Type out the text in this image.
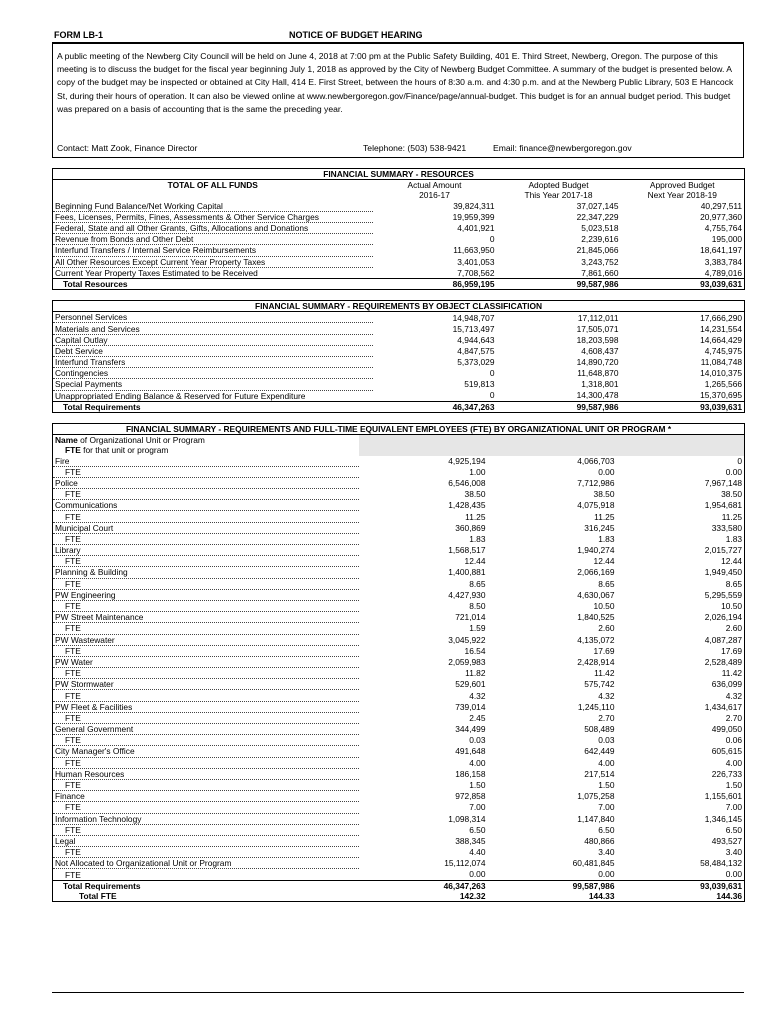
FORM LB-1	NOTICE OF BUDGET HEARING
A public meeting of the Newberg City Council will be held on June 4, 2018 at 7:00 pm at the Public Safety Building, 401 E. Third Street, Newberg, Oregon. The purpose of this meeting is to discuss the budget for the fiscal year beginning July 1, 2018 as approved by the City of Newberg Budget Committee. A summary of the budget is presented below. A copy of the budget may be inspected or obtained at City Hall, 414 E. First Street, between the hours of 8:30 a.m. and 4:30 p.m. and at the Newberg Public Library, 503 E Hancock St, during their hours of operation. It can also be viewed online at www.newbergoregon.gov/Finance/page/annual-budget. This budget is for an annual budget period. This budget was prepared on a basis of accounting that is the same the preceding year.
Contact: Matt Zook, Finance Director	Telephone: (503) 538-9421	Email: finance@newbergoregon.gov
FINANCIAL SUMMARY - RESOURCES			
TOTAL OF ALL FUNDS	Actual Amount	Adopted Budget	Approved Budget
	2016-17	This Year 2017-18	Next Year 2018-19
Beginning Fund Balance/Net Working Capital	39,824,311	37,027,145	40,297,511
Fees, Licenses, Permits, Fines, Assessments & Other Service Charges	19,959,399	22,347,229	20,977,360
Federal, State and all Other Grants, Gifts, Allocations and Donations	4,401,921	5,023,518	4,755,764
Revenue from Bonds and Other Debt	0	2,239,616	195,000
Interfund Transfers / Internal Service Reimbursements	11,663,950	21,845,066	18,641,197
All Other Resources Except Current Year Property Taxes	3,401,053	3,243,752	3,383,784
Current Year Property Taxes Estimated to be Received	7,708,562	7,861,660	4,789,016
Total Resources	86,959,195	99,587,986	93,039,631
FINANCIAL SUMMARY - REQUIREMENTS BY OBJECT CLASSIFICATION			
Personnel Services	14,948,707	17,112,011	17,666,290
Materials and Services	15,713,497	17,505,071	14,231,554
Capital Outlay	4,944,643	18,203,598	14,664,429
Debt Service	4,847,575	4,608,437	4,745,975
Interfund Transfers	5,373,029	14,890,720	11,084,748
Contingencies	0	11,648,870	14,010,375
Special Payments	519,813	1,318,801	1,265,566
Unappropriated Ending Balance & Reserved for Future Expenditure	0	14,300,478	15,370,695
Total Requirements	46,347,263	99,587,986	93,039,631
FINANCIAL SUMMARY - REQUIREMENTS AND FULL-TIME EQUIVALENT EMPLOYEES (FTE) BY ORGANIZATIONAL UNIT OR PROGRAM *			
Name of Organizational Unit or Program			
FTE for that unit or program			
Fire	4,925,194	4,066,703	0
FTE	1.00	0.00	0.00
Police	6,546,008	7,712,986	7,967,148
FTE	38.50	38.50	38.50
Communications	1,428,435	4,075,918	1,954,681
FTE	11.25	11.25	11.25
Municipal Court	360,869	316,245	333,580
FTE	1.83	1.83	1.83
Library	1,568,517	1,940,274	2,015,727
FTE	12.44	12.44	12.44
Planning & Building	1,400,881	2,066,169	1,949,450
FTE	8.65	8.65	8.65
PW Engineering	4,427,930	4,630,067	5,295,559
FTE	8.50	10.50	10.50
PW Street Maintenance	721,014	1,840,525	2,026,194
FTE	1.59	2.60	2.60
PW Wastewater	3,045,922	4,135,072	4,087,287
FTE	16.54	17.69	17.69
PW Water	2,059,983	2,428,914	2,528,489
FTE	11.82	11.42	11.42
PW Stormwater	529,601	575,742	636,099
FTE	4.32	4.32	4.32
PW Fleet & Facilities	739,014	1,245,110	1,434,617
FTE	2.45	2.70	2.70
General Government	344,499	508,489	499,050
FTE	0.03	0.03	0.06
City Manager's Office	491,648	642,449	605,615
FTE	4.00	4.00	4.00
Human Resources	186,158	217,514	226,733
FTE	1.50	1.50	1.50
Finance	972,858	1,075,258	1,155,601
FTE	7.00	7.00	7.00
Information Technology	1,098,314	1,147,840	1,346,145
FTE	6.50	6.50	6.50
Legal	388,345	480,866	493,527
FTE	4.40	3.40	3.40
Not Allocated to Organizational Unit or Program	15,112,074	60,481,845	58,484,132
FTE	0.00	0.00	0.00
Total Requirements	46,347,263	99,587,986	93,039,631
Total FTE	142.32	144.33	144.36
